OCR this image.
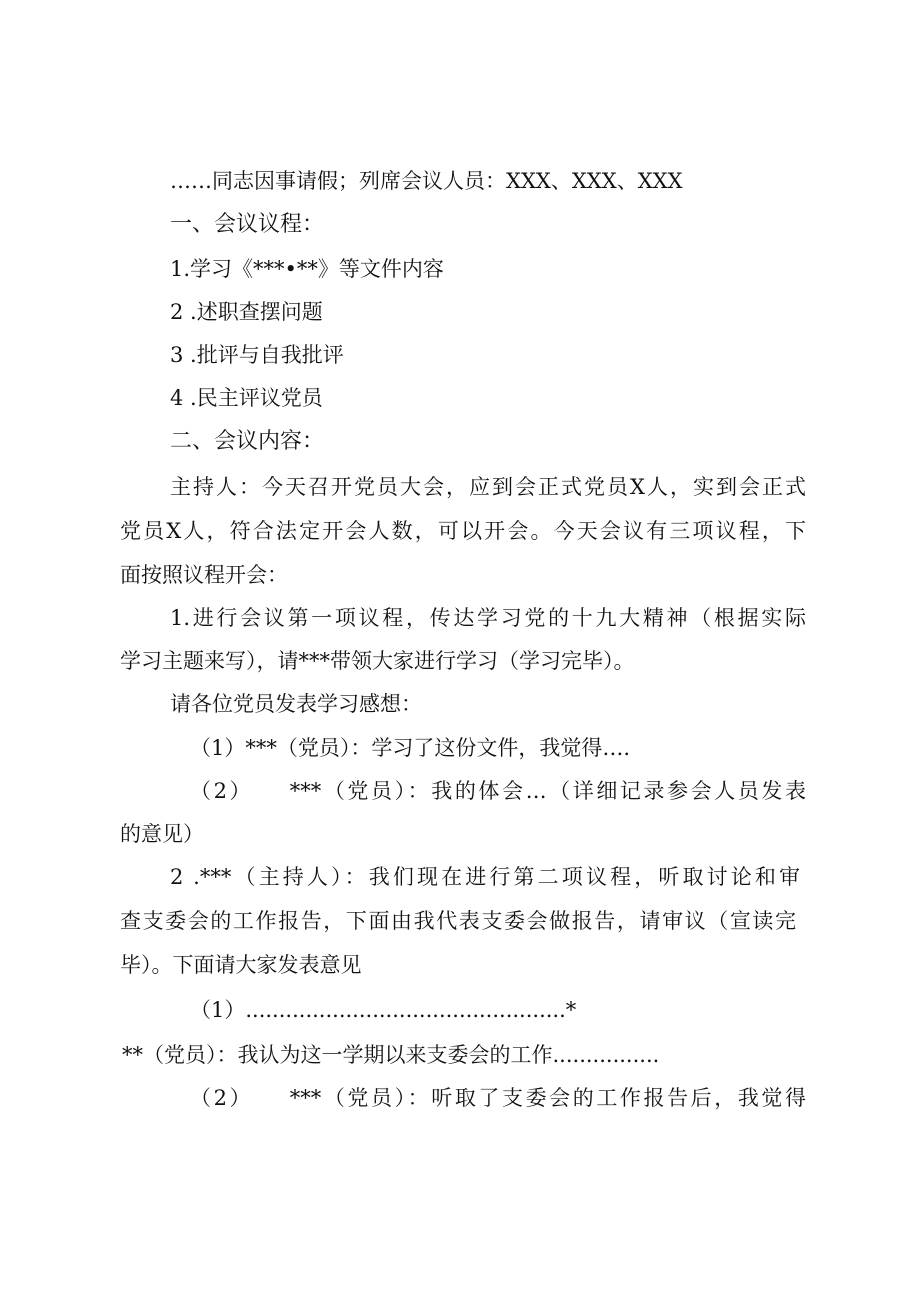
……同志因事请假；列席会议人员：XXX、XXX、XXX
一、会议议程：
1.学习《***•**》等文件内容
2 .述职查摆问题
3 .批评与自我批评
4 .民主评议党员
二、会议内容：
主持人：今天召开党员大会，应到会正式党员X人，实到会正式
党员X人，符合法定开会人数，可以开会。今天会议有三项议程，下
面按照议程开会：
1.进行会议第一项议程，传达学习党的十九大精神（根据实际
学习主题来写），请***带领大家进行学习（学习完毕）。
请各位党员发表学习感想：
（1）***（党员）：学习了这份文件，我觉得….
（2）　　***（党员）：我的体会…（详细记录参会人员发表
的意见）
2 .***（主持人）：我们现在进行第二项议程，听取讨论和审
查支委会的工作报告，下面由我代表支委会做报告，请审议（宣读完
毕）。下面请大家发表意见
（1）................................................*
**（党员）：我认为这一学期以来支委会的工作................
（2）　　***（党员）：听取了支委会的工作报告后，我觉得
